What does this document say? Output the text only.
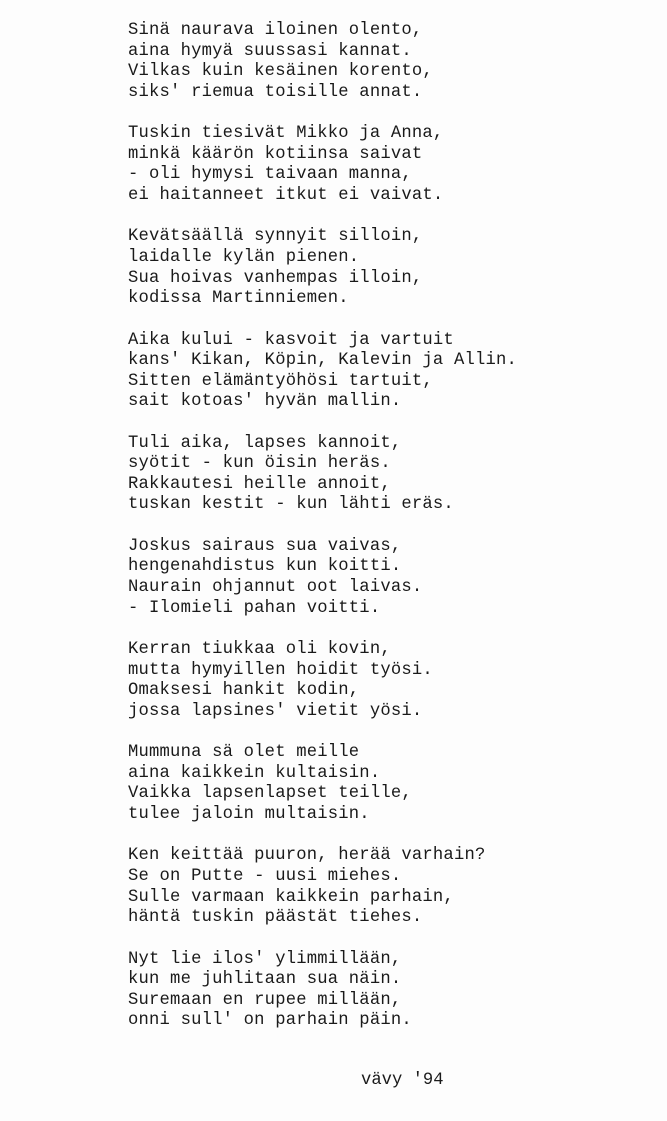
Sinä naurava iloinen olento,
aina hymyä suussasi kannat.
Vilkas kuin kesäinen korento,
siks' riemua toisille annat.
Tuskin tiesivät Mikko ja Anna,
minkä käärön kotiinsa saivat
- oli hymysi taivaan manna,
ei haitanneet itkut ei vaivat.
Kevätsäällä synnyit silloin,
laidalle kylän pienen.
Sua hoivas vanhempas illoin,
kodissa Martinniemen.
Aika kului - kasvoit ja vartuit
kans' Kikan, Köpin, Kalevin ja Allin.
Sitten elämäntyöhösi tartuit,
sait kotoas' hyvän mallin.
Tuli aika, lapses kannoit,
syötit - kun öisin heräs.
Rakkautesi heille annoit,
tuskan kestit - kun lähti eräs.
Joskus sairaus sua vaivas,
hengenahdistus kun koitti.
Naurain ohjannut oot laivas.
- Ilomieli pahan voitti.
Kerran tiukkaa oli kovin,
mutta hymyillen hoidit työsi.
Omaksesi hankit kodin,
jossa lapsines' vietit yösi.
Mummuna sä olet meille
aina kaikkein kultaisin.
Vaikka lapsenlapset teille,
tulee jaloin multaisin.
Ken keittää puuron, herää varhain?
Se on Putte - uusi miehes.
Sulle varmaan kaikkein parhain,
häntä tuskin päästät tiehes.
Nyt lie ilos' ylimmillään,
kun me juhlitaan sua näin.
Suremaan en rupee millään,
onni sull' on parhain päin.
vävy '94
